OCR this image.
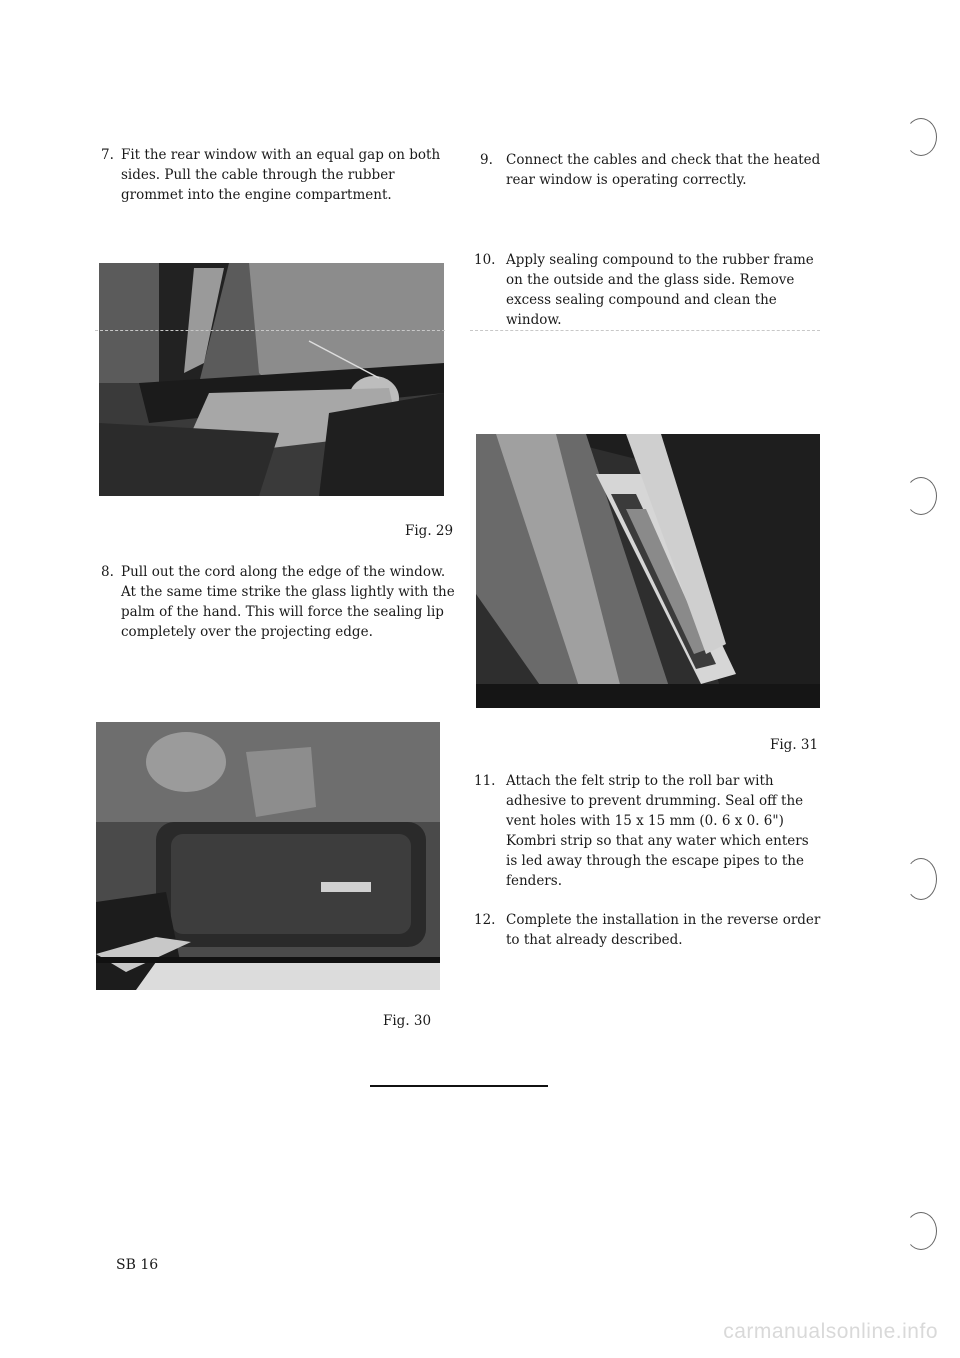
7. Fit the rear window with an equal gap on both sides. Pull the cable through the rubber grommet into the engine compartment.
Fig. 29
8. Pull out the cord along the edge of the window. At the same time strike the glass lightly with the palm of the hand. This will force the sealing lip completely over the projecting edge.
Fig. 30
9. Connect the cables and check that the heated rear window is operating correctly.
10. Apply sealing compound to the rubber frame on the outside and the glass side. Remove excess sealing compound and clean the window.
Fig. 31
11. Attach the felt strip to the roll bar with adhesive to prevent drumming. Seal off the vent holes with 15 x 15 mm (0. 6 x 0. 6") Kombri strip so that any water which enters is led away through the escape pipes to the fenders.
12. Complete the installation in the reverse order to that already described.
SB 16
carmanualsonline.info
